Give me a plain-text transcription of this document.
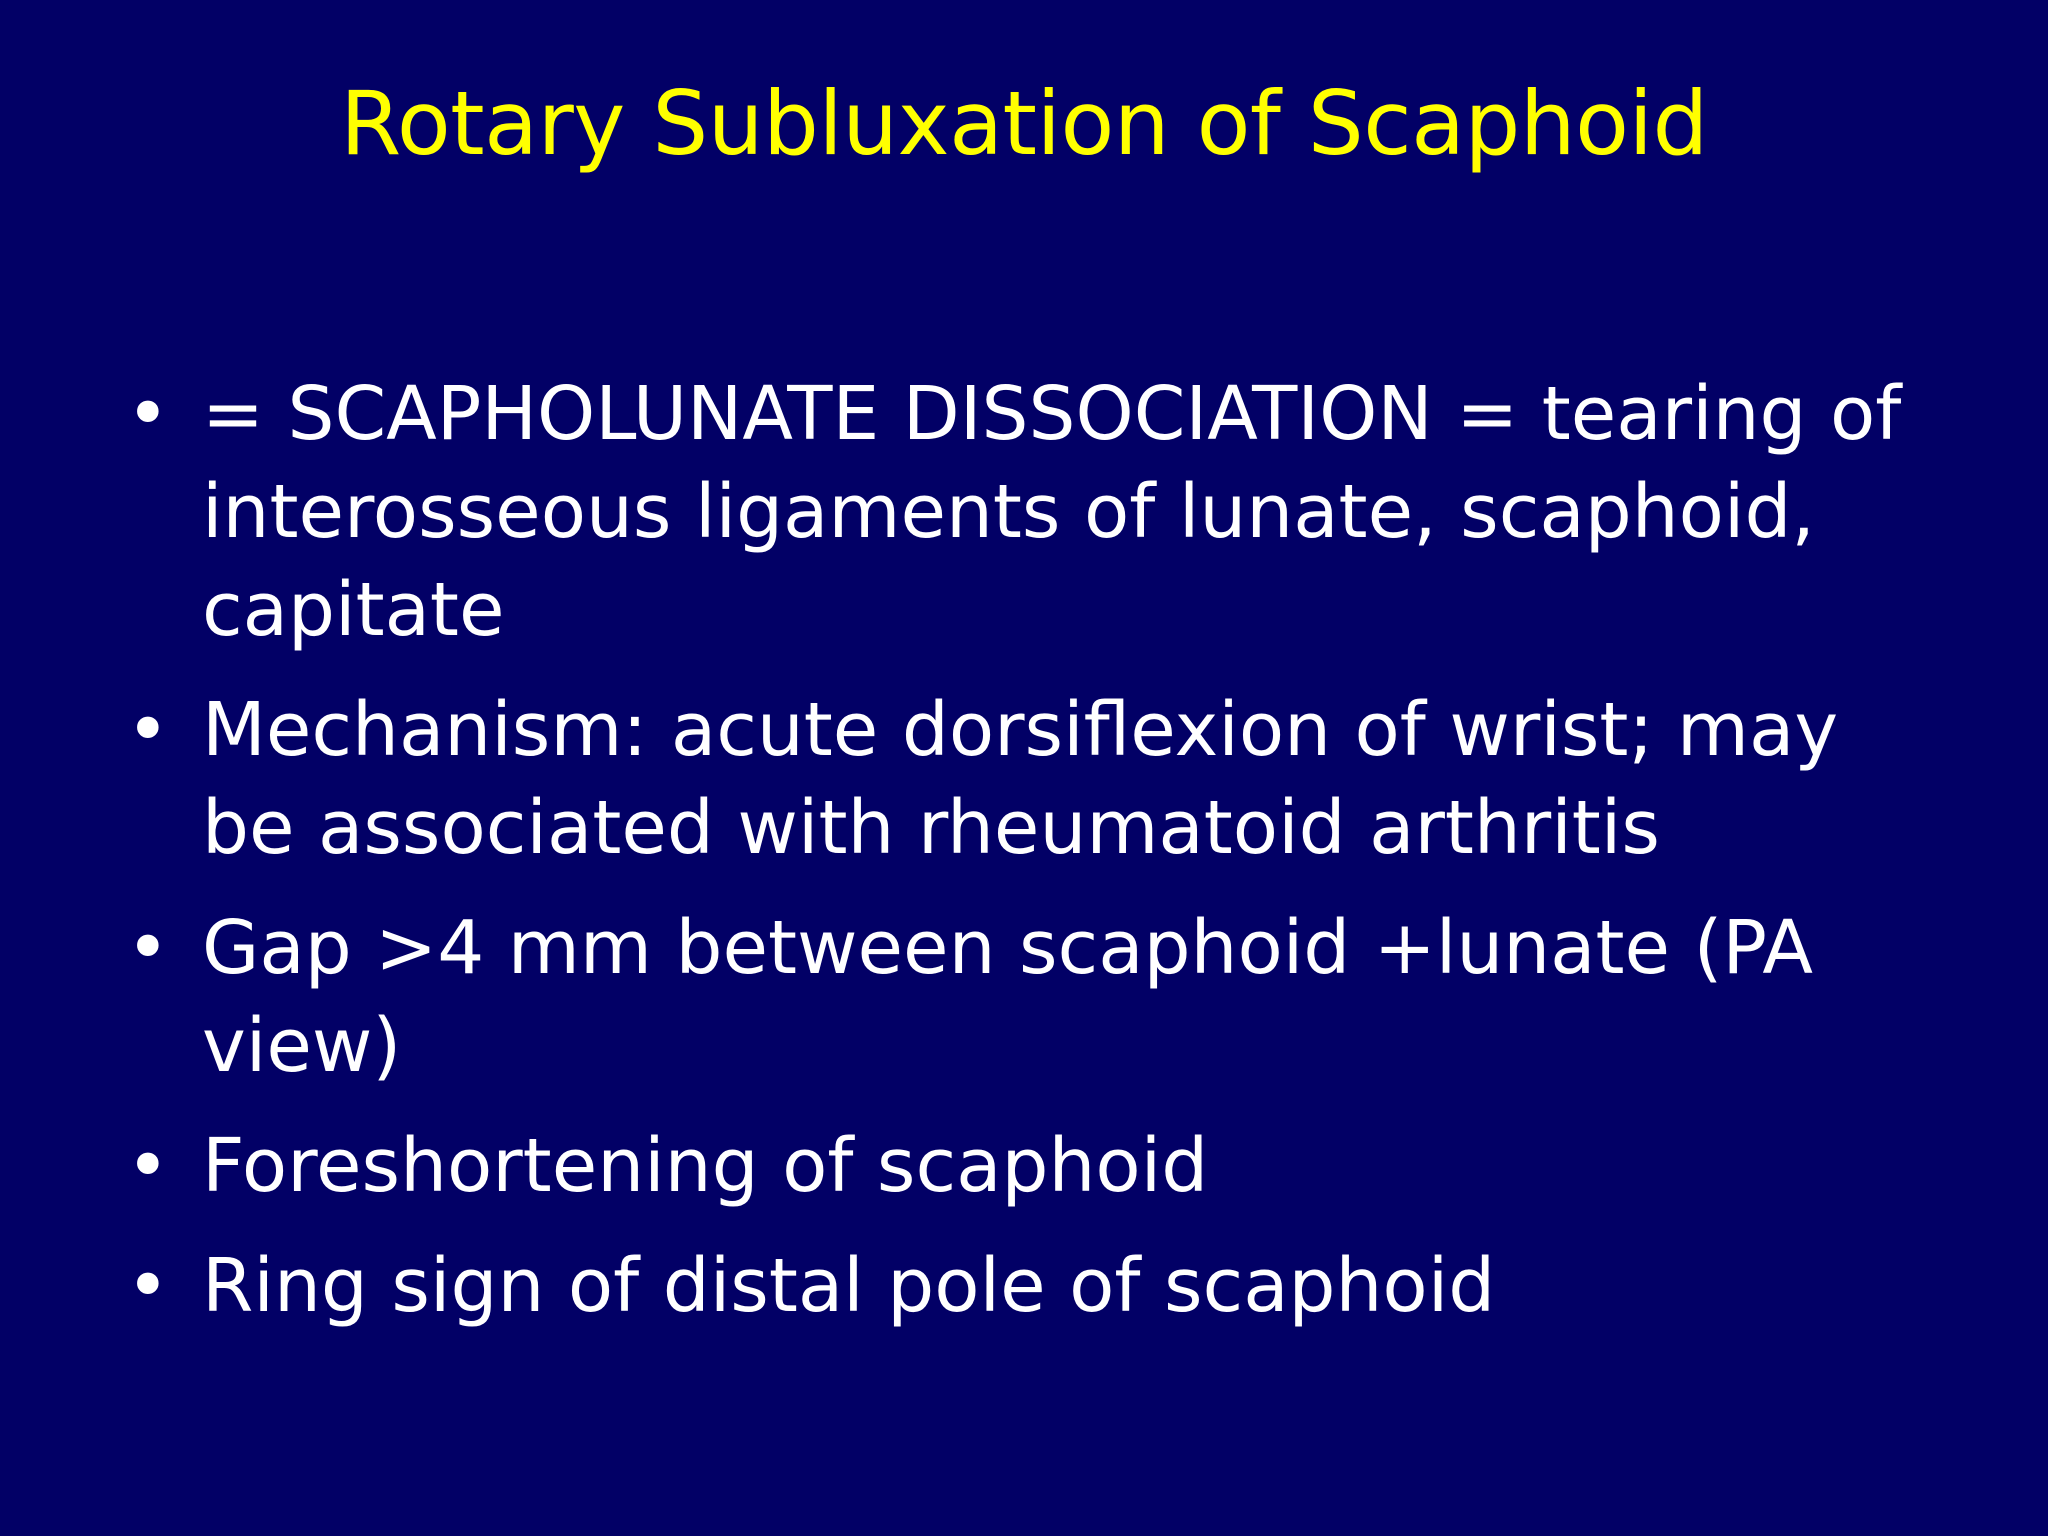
Rotary Subluxation of Scaphoid
• = SCAPHOLUNATE DISSOCIATION = tearing of interosseous ligaments of lunate, scaphoid, capitate
• Mechanism: acute dorsiflexion of wrist; may be associated with rheumatoid arthritis
• Gap >4 mm between scaphoid +lunate (PA view)
• Foreshortening of scaphoid
• Ring sign of distal pole of scaphoid
